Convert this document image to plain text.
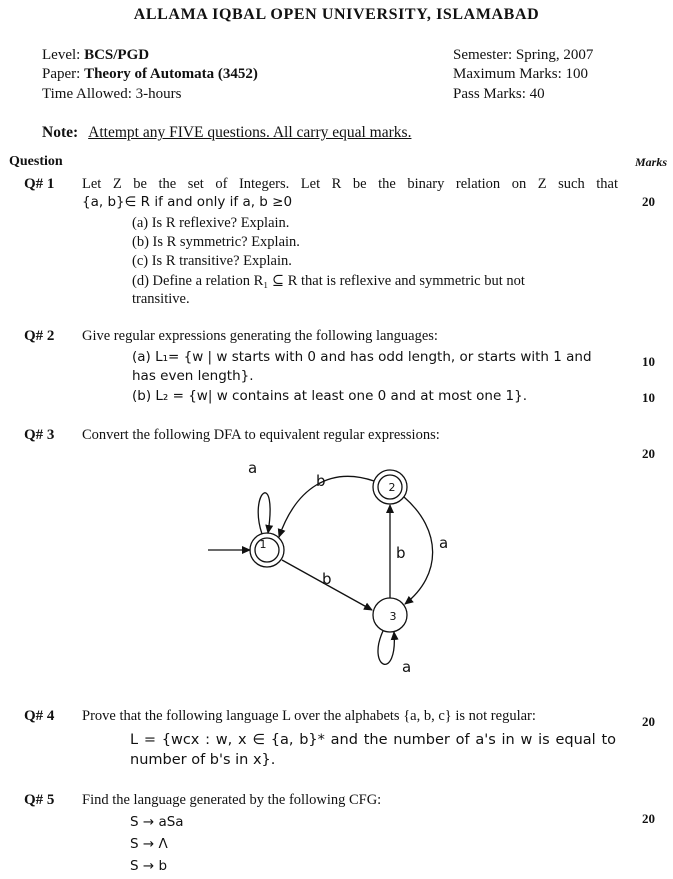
ALLAMA IQBAL OPEN UNIVERSITY, ISLAMABAD
Level: BCS/PGD
Paper: Theory of Automata (3452)
Time Allowed: 3-hours
Semester: Spring, 2007
Maximum Marks: 100
Pass Marks: 40
Note: Attempt any FIVE questions. All carry equal marks.
Question	Marks
Q# 1 Let Z be the set of Integers. Let R be the binary relation on Z such that
{a, b}∈ R if and only if a, b ≥0	20
(a) Is R reflexive? Explain.
(b) Is R symmetric? Explain.
(c) Is R transitive? Explain.
(d) Define a relation R₁ ⊆ R that is reflexive and symmetric but not
transitive.
Q# 2 Give regular expressions generating the following languages:
(a) L₁= {w | w starts with 0 and has odd length, or starts with 1 and	10
has even length}.
(b) L₂ = {w| w contains at least one 0 and at most one 1}.	10
Q# 3 Convert the following DFA to equivalent regular expressions:
20
1
2
3
a
b
b
a
b
a
Q# 4 Prove that the following language L over the alphabets {a, b, c} is not regular:	20
L = {wcx : w, x ∈ {a, b}* and the number of a's in w is equal to
number of b's in x}.
Q# 5 Find the language generated by the following CFG:
20
S → aSa
S → Λ
S → b
